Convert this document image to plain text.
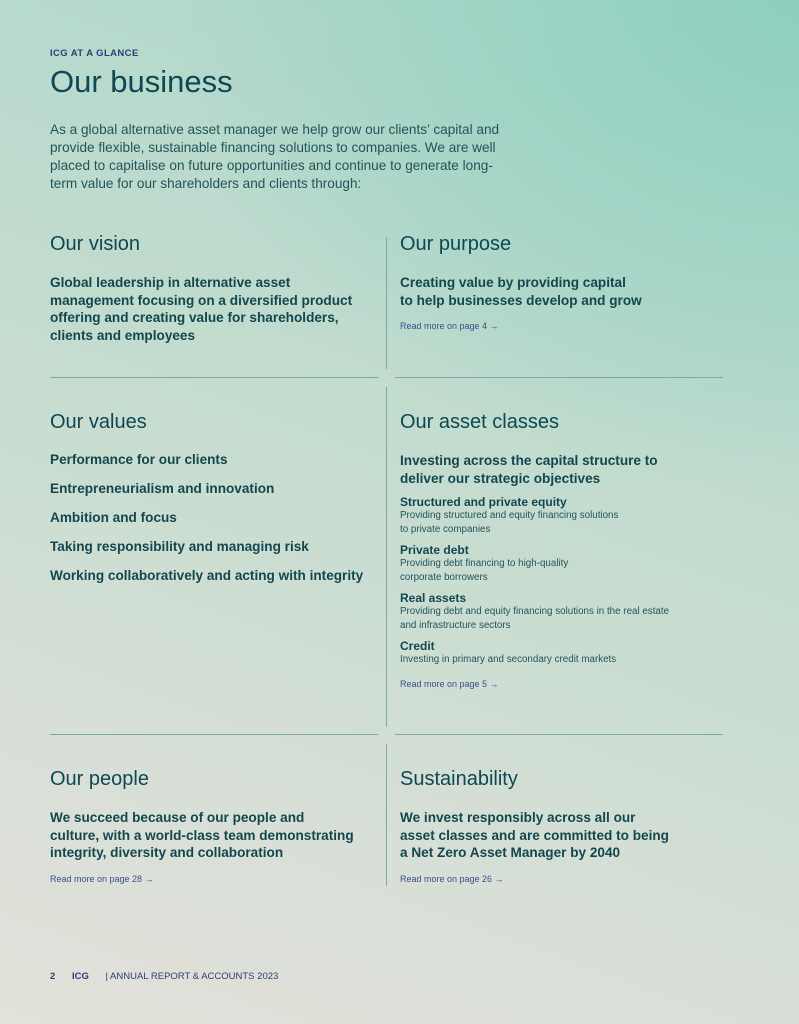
ICG AT A GLANCE
Our business
As a global alternative asset manager we help grow our clients’ capital and
provide flexible, sustainable financing solutions to companies. We are well
placed to capitalise on future opportunities and continue to generate long-
term value for our shareholders and clients through:
Our vision

Global leadership in alternative asset
management focusing on a diversified product
offering and creating value for shareholders,
clients and employees

Our purpose

Creating value by providing capital
to help businesses develop and grow

Read more on page 4 →
Our values
Performance for our clients
Entrepreneurialism and innovation
Ambition and focus
Taking responsibility and managing risk
Working collaboratively and acting with integrity
Our asset classes

Investing across the capital structure to
deliver our strategic objectives

Structured and private equity
Providing structured and equity financing solutions
to private companies
Private debt
Providing debt financing to high-quality
corporate borrowers
Real assets
Providing debt and equity financing solutions in the real estate
and infrastructure sectors
Credit
Investing in primary and secondary credit markets
Read more on page 5 →
Our people

We succeed because of our people and
culture, with a world-class team demonstrating
integrity, diversity and collaboration

Read more on page 28 →
Sustainability

We invest responsibly across all our
asset classes and are committed to being
a Net Zero Asset Manager by 2040

Read more on page 26 →
2 ICG | ANNUAL REPORT & ACCOUNTS 2023
